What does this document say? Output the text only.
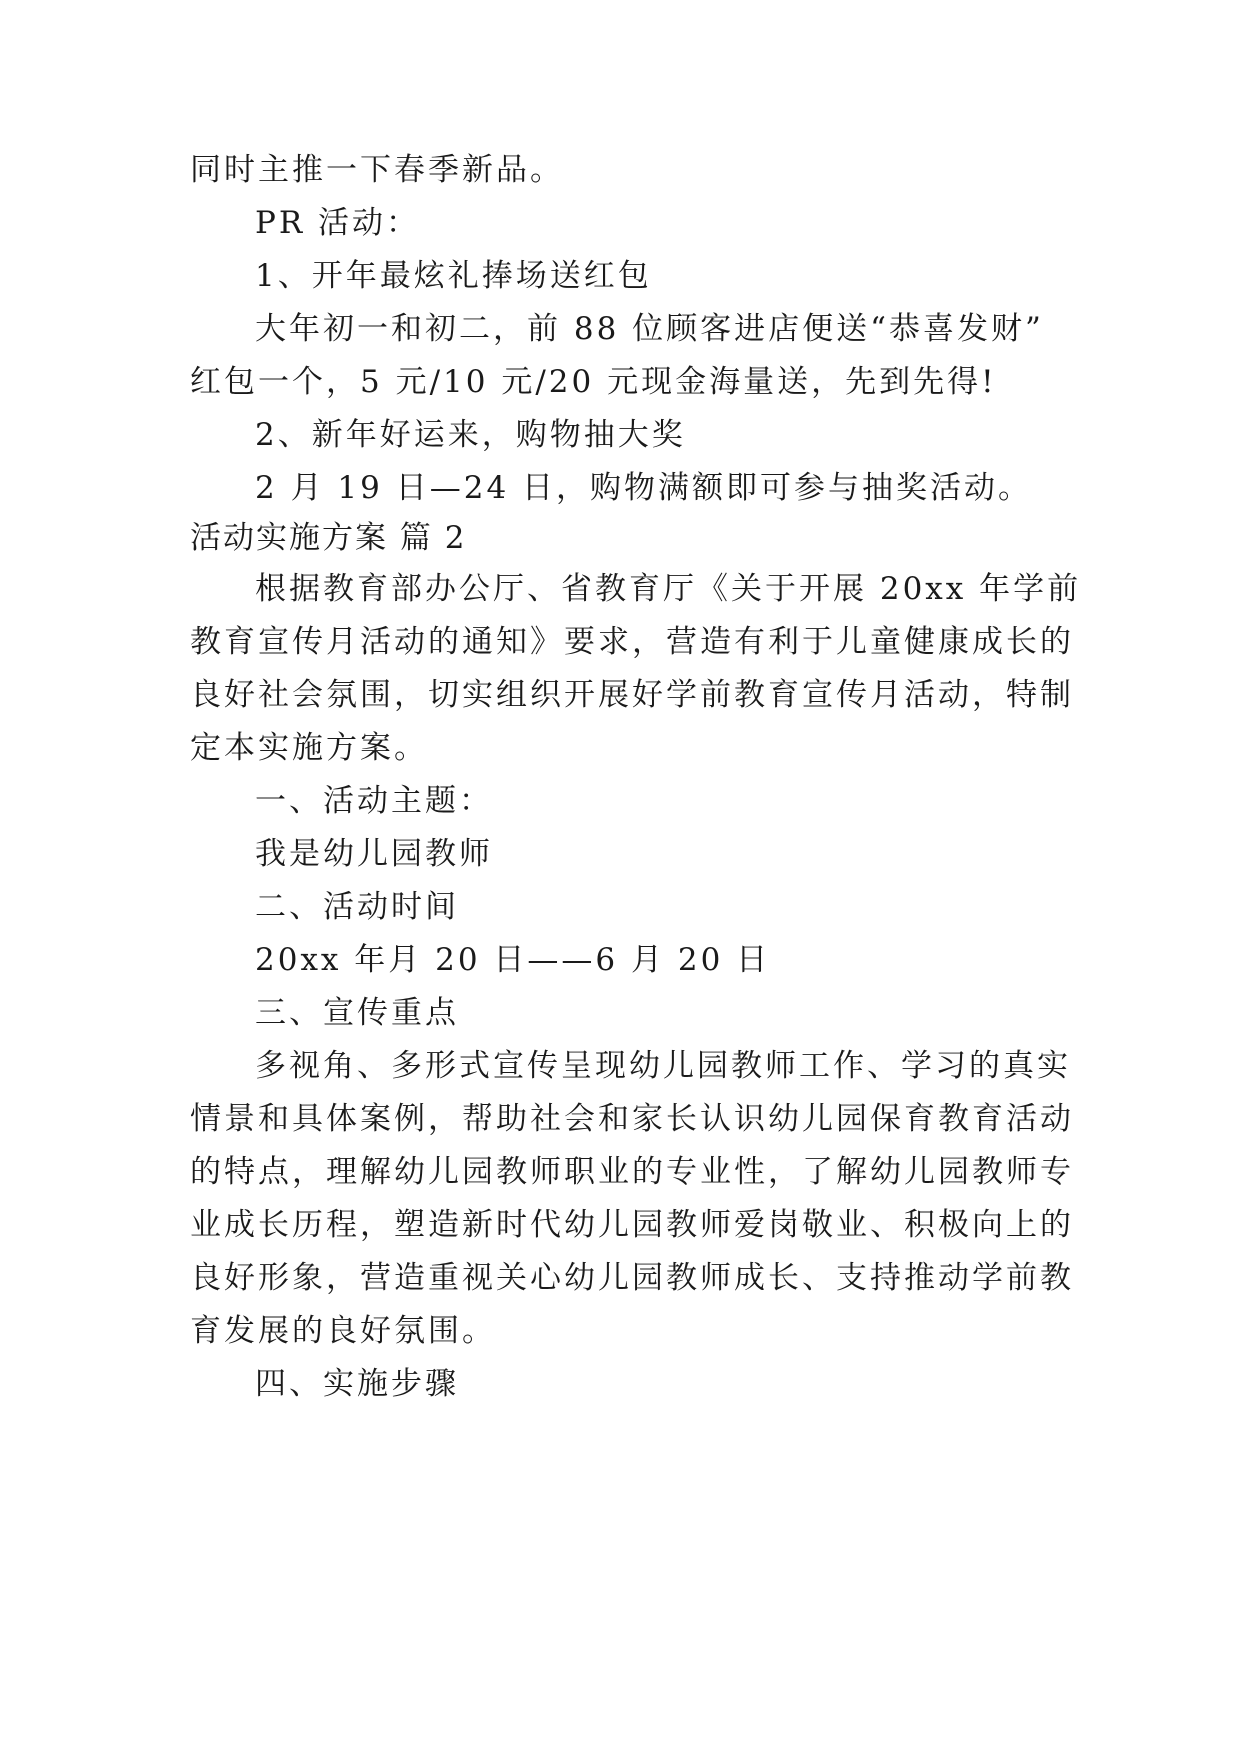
同时主推一下春季新品。
PR 活动：
1、开年最炫礼捧场送红包
大年初一和初二，前 88 位顾客进店便送“恭喜发财”
红包一个，5 元/10 元/20 元现金海量送，先到先得!
2、新年好运来，购物抽大奖
2 月 19 日—24 日，购物满额即可参与抽奖活动。
活动实施方案 篇 2
根据教育部办公厅、省教育厅《关于开展 20xx 年学前
教育宣传月活动的通知》要求，营造有利于儿童健康成长的
良好社会氛围，切实组织开展好学前教育宣传月活动，特制
定本实施方案。
一、活动主题：
我是幼儿园教师
二、活动时间
20xx 年月 20 日——6 月 20 日
三、宣传重点
多视角、多形式宣传呈现幼儿园教师工作、学习的真实
情景和具体案例，帮助社会和家长认识幼儿园保育教育活动
的特点，理解幼儿园教师职业的专业性，了解幼儿园教师专
业成长历程，塑造新时代幼儿园教师爱岗敬业、积极向上的
良好形象，营造重视关心幼儿园教师成长、支持推动学前教
育发展的良好氛围。
四、实施步骤
